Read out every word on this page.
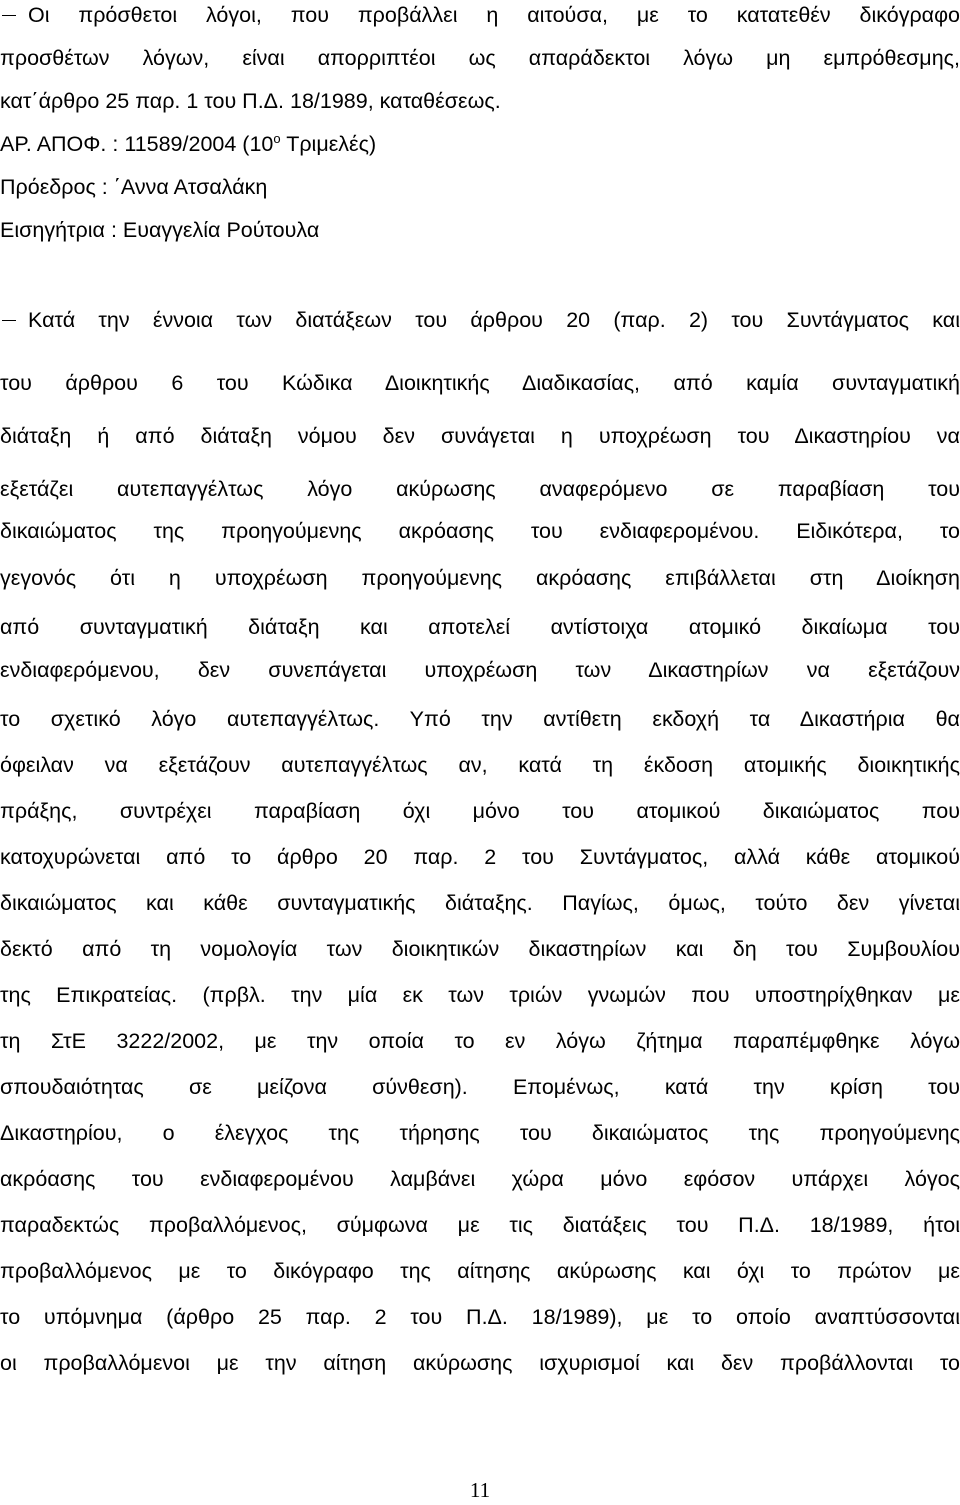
Οι πρόσθετοι λόγοι, που προβάλλει η αιτούσα, με το κατατεθέν δικόγραφο
προσθέτων λόγων, είναι απορριπτέοι ως απαράδεκτοι λόγω μη εμπρόθεσμης,
κατ΄άρθρο 25 παρ. 1 του Π.Δ. 18/1989, καταθέσεως.
ΑΡ. ΑΠΟΦ. : 11589/2004 ($10^o$ Τριμελές)
Πρόεδρος : ΄Αννα Ατσαλάκη
Εισηγήτρια : Ευαγγελία Ρούτουλα
Κατά την έννοια των διατάξεων του άρθρου 20 (παρ. 2) του Συντάγματος και
του άρθρου 6 του Κώδικα Διοικητικής Διαδικασίας, από καμία συνταγματική
διάταξη ή από διάταξη νόμου δεν συνάγεται η υποχρέωση του Δικαστηρίου να
εξετάζει αυτεπαγγέλτως λόγο ακύρωσης αναφερόμενο σε παραβίαση του
δικαιώματος της προηγούμενης ακρόασης του ενδιαφερομένου. Ειδικότερα, το
γεγονός ότι η υποχρέωση προηγούμενης ακρόασης επιβάλλεται στη Διοίκηση
από συνταγματική διάταξη και αποτελεί αντίστοιχα ατομικό δικαίωμα του
ενδιαφερόμενου, δεν συνεπάγεται υποχρέωση των Δικαστηρίων να εξετάζουν
το σχετικό λόγο αυτεπαγγέλτως. Υπό την αντίθετη εκδοχή τα Δικαστήρια θα
όφειλαν να εξετάζουν αυτεπαγγέλτως αν, κατά τη έκδοση ατομικής διοικητικής
πράξης, συντρέχει παραβίαση όχι μόνο του ατομικού δικαιώματος που
κατοχυρώνεται από το άρθρο 20 παρ. 2 του Συντάγματος, αλλά κάθε ατομικού
δικαιώματος και κάθε συνταγματικής διάταξης. Παγίως, όμως, τούτο δεν γίνεται
δεκτό από τη νομολογία των διοικητικών δικαστηρίων και δη του Συμβουλίου
της Επικρατείας. (πρβλ. την μία εκ των τριών γνωμών που υποστηρίχθηκαν με
τη ΣτΕ 3222/2002, με την οποία το εν λόγω ζήτημα παραπέμφθηκε λόγω
σπουδαιότητας σε μείζονα σύνθεση). Επομένως, κατά την κρίση του
Δικαστηρίου, ο έλεγχος της τήρησης του δικαιώματος της προηγούμενης
ακρόασης του ενδιαφερομένου λαμβάνει χώρα μόνο εφόσον υπάρχει λόγος
παραδεκτώς προβαλλόμενος, σύμφωνα με τις διατάξεις του Π.Δ. 18/1989, ήτοι
προβαλλόμενος με το δικόγραφο της αίτησης ακύρωσης και όχι το πρώτον με
το υπόμνημα (άρθρο 25 παρ. 2 του Π.Δ. 18/1989), με το οποίο αναπτύσσονται
οι προβαλλόμενοι με την αίτηση ακύρωσης ισχυρισμοί και δεν προβάλλονται το
11
